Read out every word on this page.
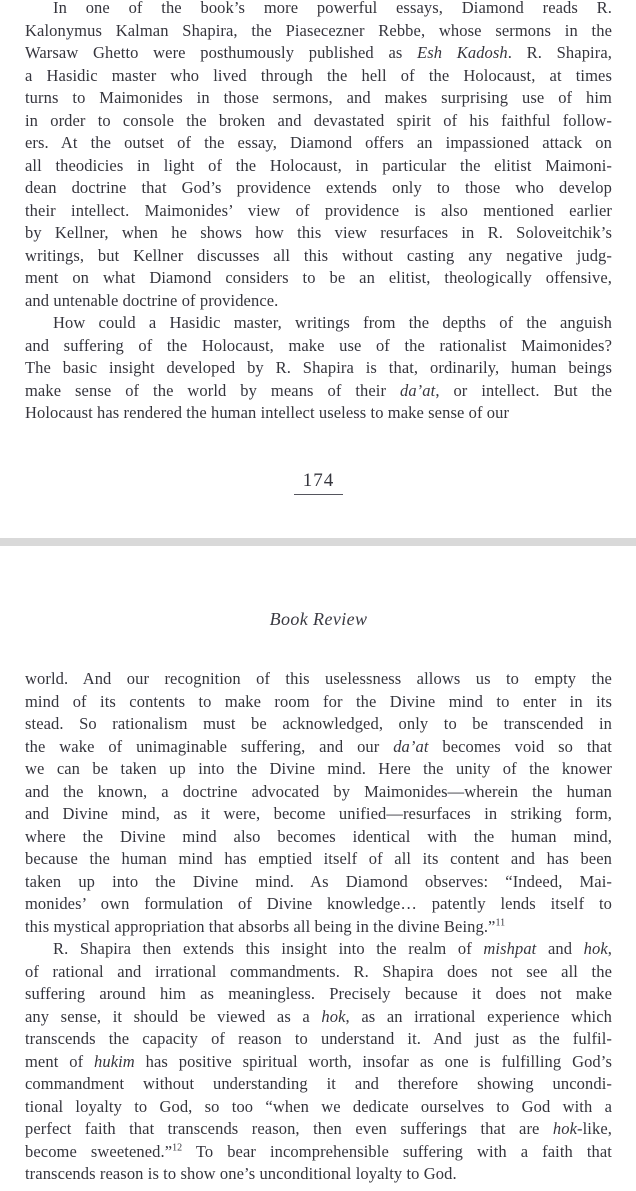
In one of the book’s more powerful essays, Diamond reads R.
Kalonymus Kalman Shapira, the Piasecezner Rebbe, whose sermons in the
Warsaw Ghetto were posthumously published as Esh Kadosh. R. Shapira,
a Hasidic master who lived through the hell of the Holocaust, at times
turns to Maimonides in those sermons, and makes surprising use of him
in order to console the broken and devastated spirit of his faithful follow-
ers. At the outset of the essay, Diamond offers an impassioned attack on
all theodicies in light of the Holocaust, in particular the elitist Maimoni-
dean doctrine that God’s providence extends only to those who develop
their intellect. Maimonides’ view of providence is also mentioned earlier
by Kellner, when he shows how this view resurfaces in R. Soloveitchik’s
writings, but Kellner discusses all this without casting any negative judg-
ment on what Diamond considers to be an elitist, theologically offensive,
and untenable doctrine of providence.
How could a Hasidic master, writings from the depths of the anguish
and suffering of the Holocaust, make use of the rationalist Maimonides?
The basic insight developed by R. Shapira is that, ordinarily, human beings
make sense of the world by means of their da’at, or intellect. But the
Holocaust has rendered the human intellect useless to make sense of our
174
Book Review
world. And our recognition of this uselessness allows us to empty the
mind of its contents to make room for the Divine mind to enter in its
stead. So rationalism must be acknowledged, only to be transcended in
the wake of unimaginable suffering, and our da’at becomes void so that
we can be taken up into the Divine mind. Here the unity of the knower
and the known, a doctrine advocated by Maimonides—wherein the human
and Divine mind, as it were, become unified—resurfaces in striking form,
where the Divine mind also becomes identical with the human mind,
because the human mind has emptied itself of all its content and has been
taken up into the Divine mind. As Diamond observes: “Indeed, Mai-
monides’ own formulation of Divine knowledge… patently lends itself to
this mystical appropriation that absorbs all being in the divine Being.”$^{11}$
R. Shapira then extends this insight into the realm of mishpat and hok,
of rational and irrational commandments. R. Shapira does not see all the
suffering around him as meaningless. Precisely because it does not make
any sense, it should be viewed as a hok, as an irrational experience which
transcends the capacity of reason to understand it. And just as the fulfil-
ment of hukim has positive spiritual worth, insofar as one is fulfilling God’s
commandment without understanding it and therefore showing uncondi-
tional loyalty to God, so too “when we dedicate ourselves to God with a
perfect faith that transcends reason, then even sufferings that are hok-like,
become sweetened.”$^{12}$ To bear incomprehensible suffering with a faith that
transcends reason is to show one’s unconditional loyalty to God.
